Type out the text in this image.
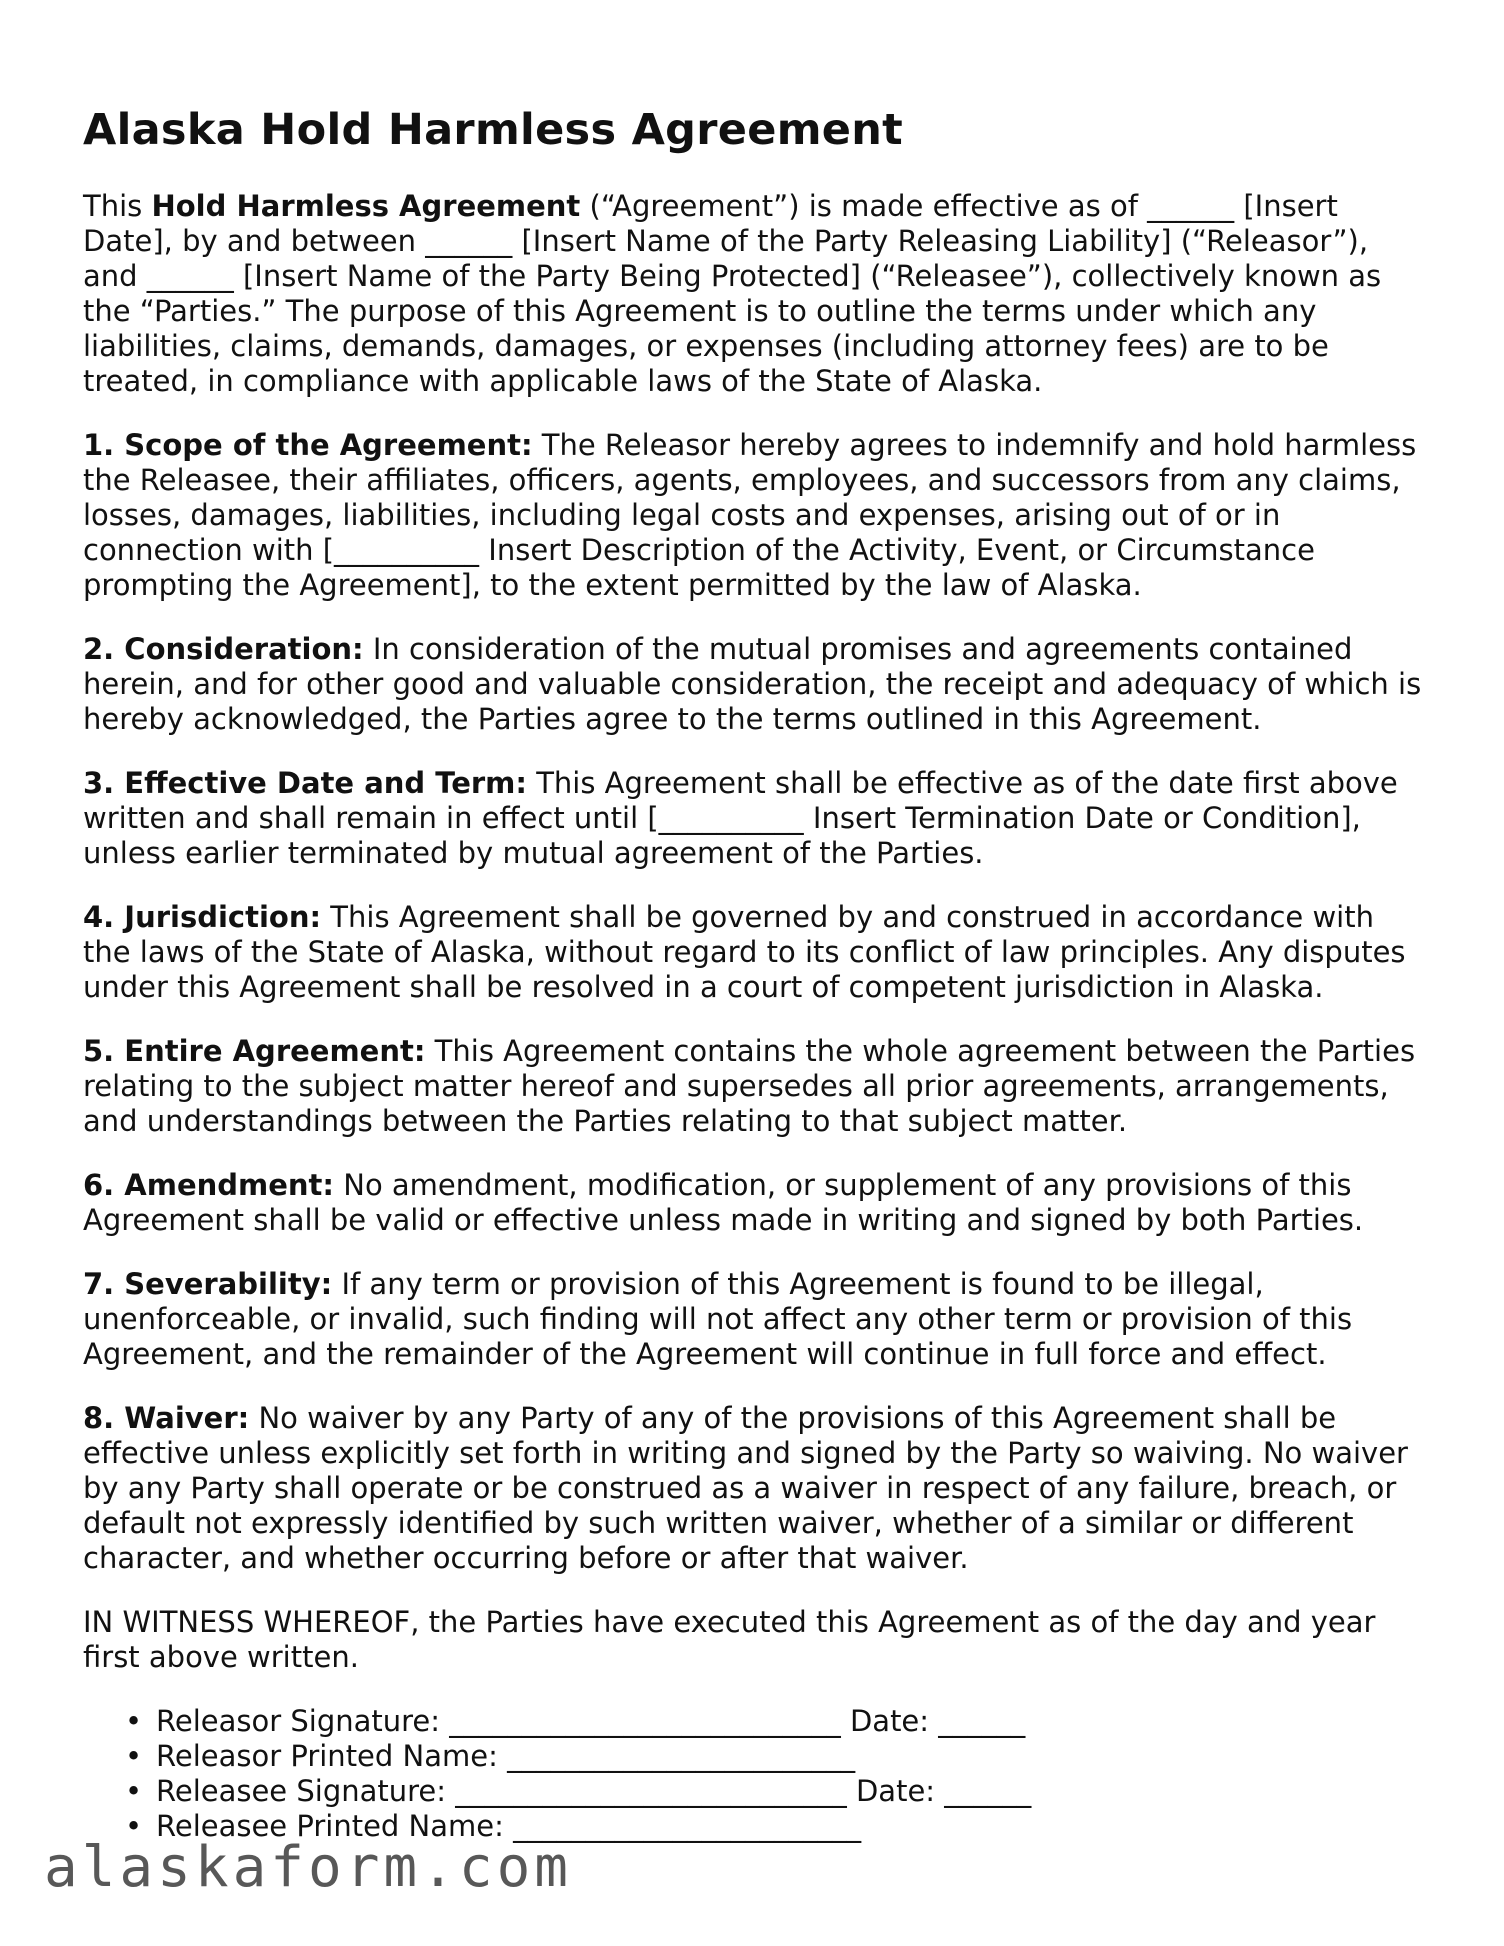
Alaska Hold Harmless Agreement

This Hold Harmless Agreement (“Agreement”) is made effective as of ______ [Insert Date], by and between ______ [Insert Name of the Party Releasing Liability] (“Releasor”), and ______ [Insert Name of the Party Being Protected] (“Releasee”), collectively known as the “Parties.” The purpose of this Agreement is to outline the terms under which any liabilities, claims, demands, damages, or expenses (including attorney fees) are to be treated, in compliance with applicable laws of the State of Alaska.

1. Scope of the Agreement: The Releasor hereby agrees to indemnify and hold harmless the Releasee, their affiliates, officers, agents, employees, and successors from any claims, losses, damages, liabilities, including legal costs and expenses, arising out of or in connection with [__________ Insert Description of the Activity, Event, or Circumstance prompting the Agreement], to the extent permitted by the law of Alaska.

2. Consideration: In consideration of the mutual promises and agreements contained herein, and for other good and valuable consideration, the receipt and adequacy of which is hereby acknowledged, the Parties agree to the terms outlined in this Agreement.

3. Effective Date and Term: This Agreement shall be effective as of the date first above written and shall remain in effect until [__________ Insert Termination Date or Condition], unless earlier terminated by mutual agreement of the Parties.

4. Jurisdiction: This Agreement shall be governed by and construed in accordance with the laws of the State of Alaska, without regard to its conflict of law principles. Any disputes under this Agreement shall be resolved in a court of competent jurisdiction in Alaska.

5. Entire Agreement: This Agreement contains the whole agreement between the Parties relating to the subject matter hereof and supersedes all prior agreements, arrangements, and understandings between the Parties relating to that subject matter.

6. Amendment: No amendment, modification, or supplement of any provisions of this Agreement shall be valid or effective unless made in writing and signed by both Parties.

7. Severability: If any term or provision of this Agreement is found to be illegal, unenforceable, or invalid, such finding will not affect any other term or provision of this Agreement, and the remainder of the Agreement will continue in full force and effect.

8. Waiver: No waiver by any Party of any of the provisions of this Agreement shall be effective unless explicitly set forth in writing and signed by the Party so waiving. No waiver by any Party shall operate or be construed as a waiver in respect of any failure, breach, or default not expressly identified by such written waiver, whether of a similar or different character, and whether occurring before or after that waiver.

IN WITNESS WHEREOF, the Parties have executed this Agreement as of the day and year first above written.

• Releasor Signature: ___________________________ Date: ______
• Releasor Printed Name: ________________________
• Releasee Signature: ___________________________ Date: ______
• Releasee Printed Name: ________________________
alaskaform.com
